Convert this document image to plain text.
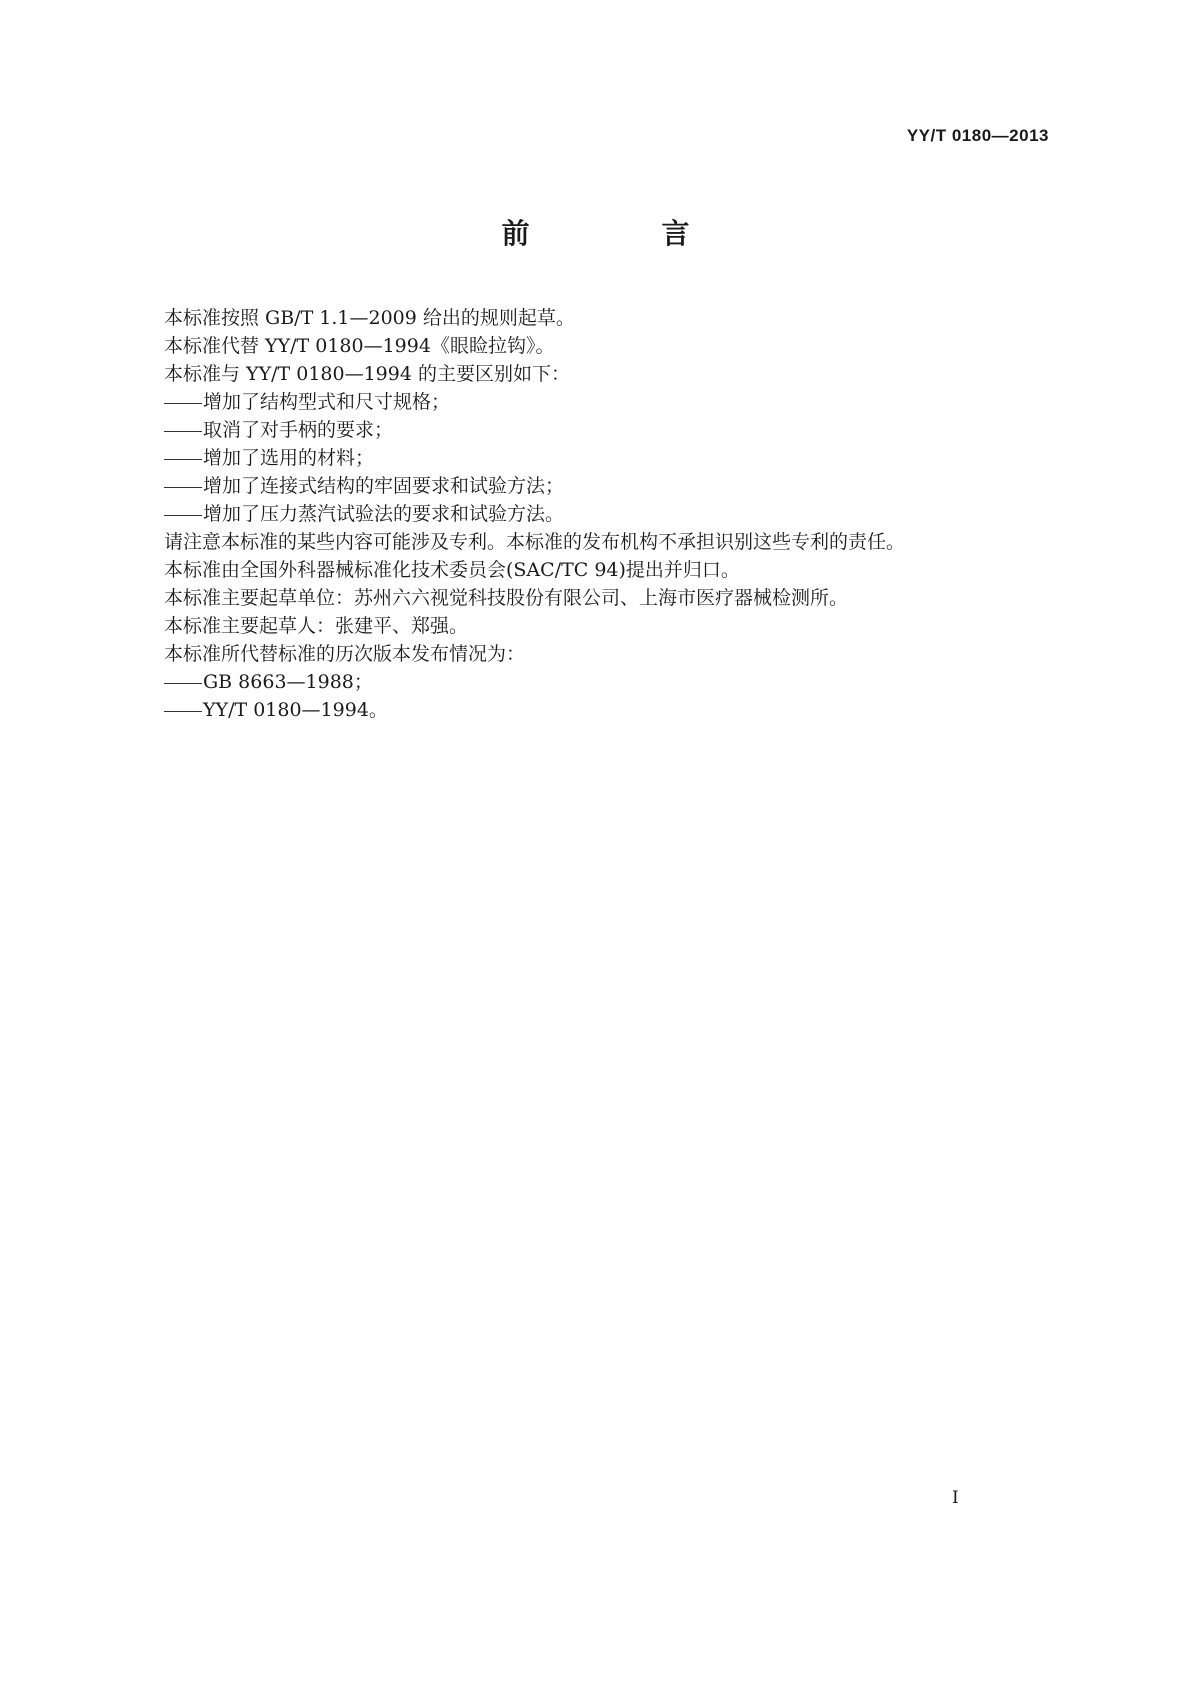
YY/T 0180—2013
前　言
本标准按照 GB/T 1.1—2009 给出的规则起草。
本标准代替 YY/T 0180—1994《眼睑拉钩》。
本标准与 YY/T 0180—1994 的主要区别如下：
增加了结构型式和尺寸规格；
取消了对手柄的要求；
增加了选用的材料；
增加了连接式结构的牢固要求和试验方法；
增加了压力蒸汽试验法的要求和试验方法。
请注意本标准的某些内容可能涉及专利。本标准的发布机构不承担识别这些专利的责任。
本标准由全国外科器械标准化技术委员会(SAC/TC 94)提出并归口。
本标准主要起草单位：苏州六六视觉科技股份有限公司、上海市医疗器械检测所。
本标准主要起草人：张建平、郑强。
本标准所代替标准的历次版本发布情况为：
GB 8663—1988；
YY/T 0180—1994。
I
